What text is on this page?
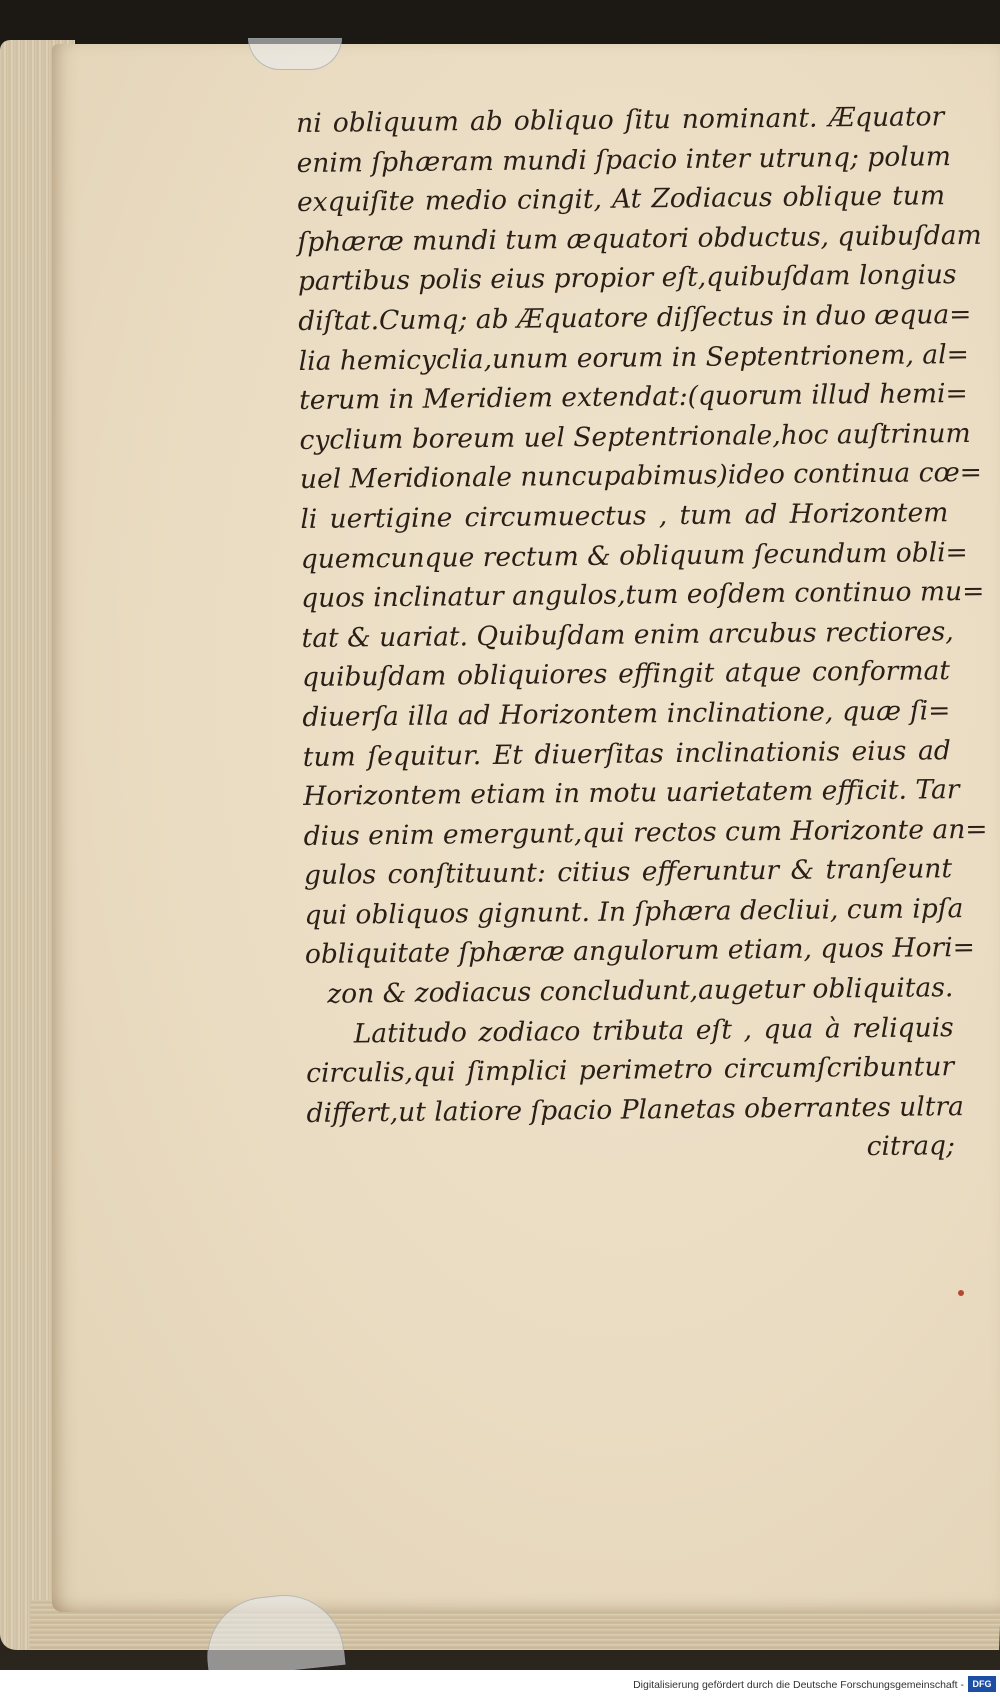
ni obliquum ab obliquo ſitu nominant. Æquator
enim ſphæram mundi ſpacio inter utrunq; polum
exquiſite medio cingit, At Zodiacus oblique tum
ſphæræ mundi tum æquatori obductus, quibuſdam
partibus polis eius propior eſt,quibuſdam longius
diſtat.Cumq; ab Æquatore diſſectus in duo æqua=
lia hemicyclia,unum eorum in Septentrionem, al=
terum in Meridiem extendat:(quorum illud hemi=
cyclium boreum uel Septentrionale,hoc auſtrinum
uel Meridionale nuncupabimus)ideo continua cœ=
li uertigine circumuectus , tum ad Horizontem
quemcunque rectum & obliquum ſecundum obli=
quos inclinatur angulos,tum eoſdem continuo mu=
tat & uariat. Quibuſdam enim arcubus rectiores,
quibuſdam obliquiores effingit atque conformat
diuerſa illa ad Horizontem inclinatione, quæ ſi=
tum ſequitur. Et diuerſitas inclinationis eius ad
Horizontem etiam in motu uarietatem efficit. Tar
dius enim emergunt,qui rectos cum Horizonte an=
gulos conſtituunt: citius efferuntur & tranſeunt
qui obliquos gignunt. In ſphæra decliui, cum ipſa
obliquitate ſphæræ angulorum etiam, quos Hori=
zon & zodiacus concludunt,augetur obliquitas.
Latitudo zodiaco tributa eſt , qua à reliquis
circulis,qui ſimplici perimetro circumſcribuntur
differt,ut latiore ſpacio Planetas oberrantes ultra
citraq;
Digitalisierung gefördert durch die Deutsche Forschungsgemeinschaft - DFG
